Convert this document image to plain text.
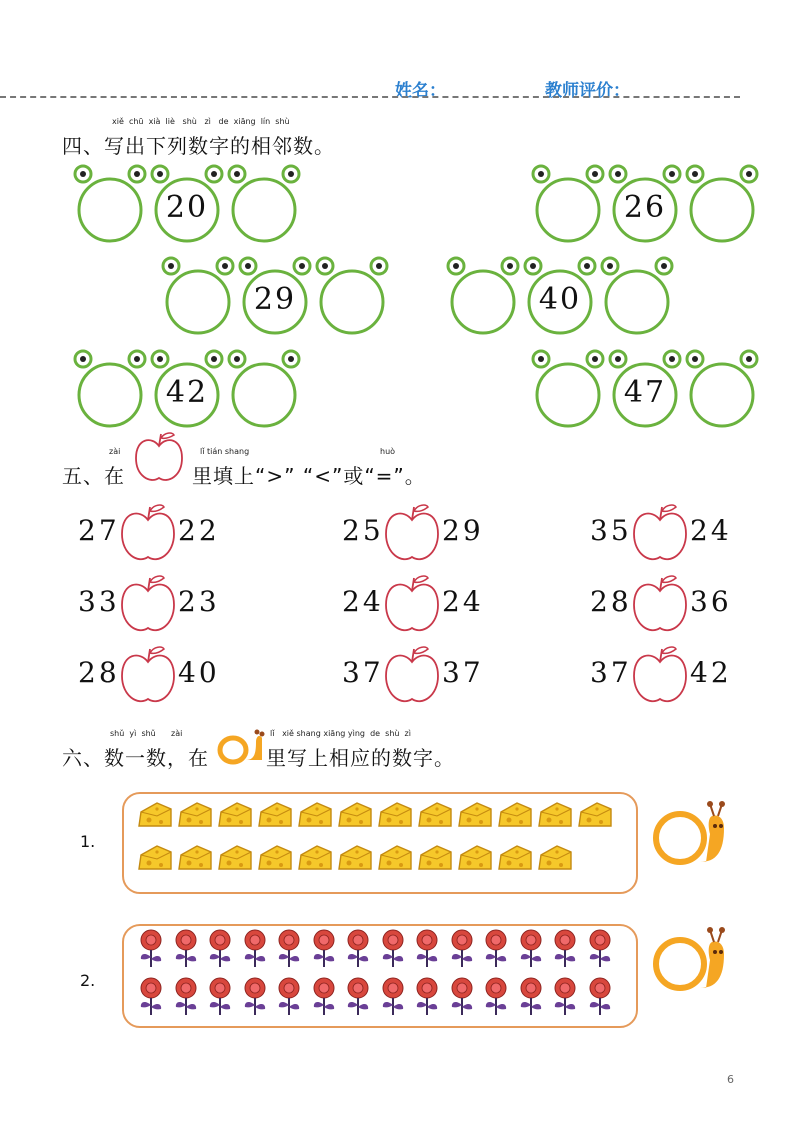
姓名：	教师评价：
xiě  chū  xià  liè   shù   zì   de  xiāng  lín  shù
四、写出下列数字的相邻数。
20	26
29	40
42	47
zài	lǐ tián shang	huò
五、在	里填上“>” “<”或“=”。
27 22	25 29	35 24
33 23	24 24	28 36
28 40	37 37	37 42
shǔ  yì  shǔ      zài	lǐ   xiě shang xiāng yìng  de  shù  zì
六、数一数，在	里写上相应的数字。
1.
2.
6
